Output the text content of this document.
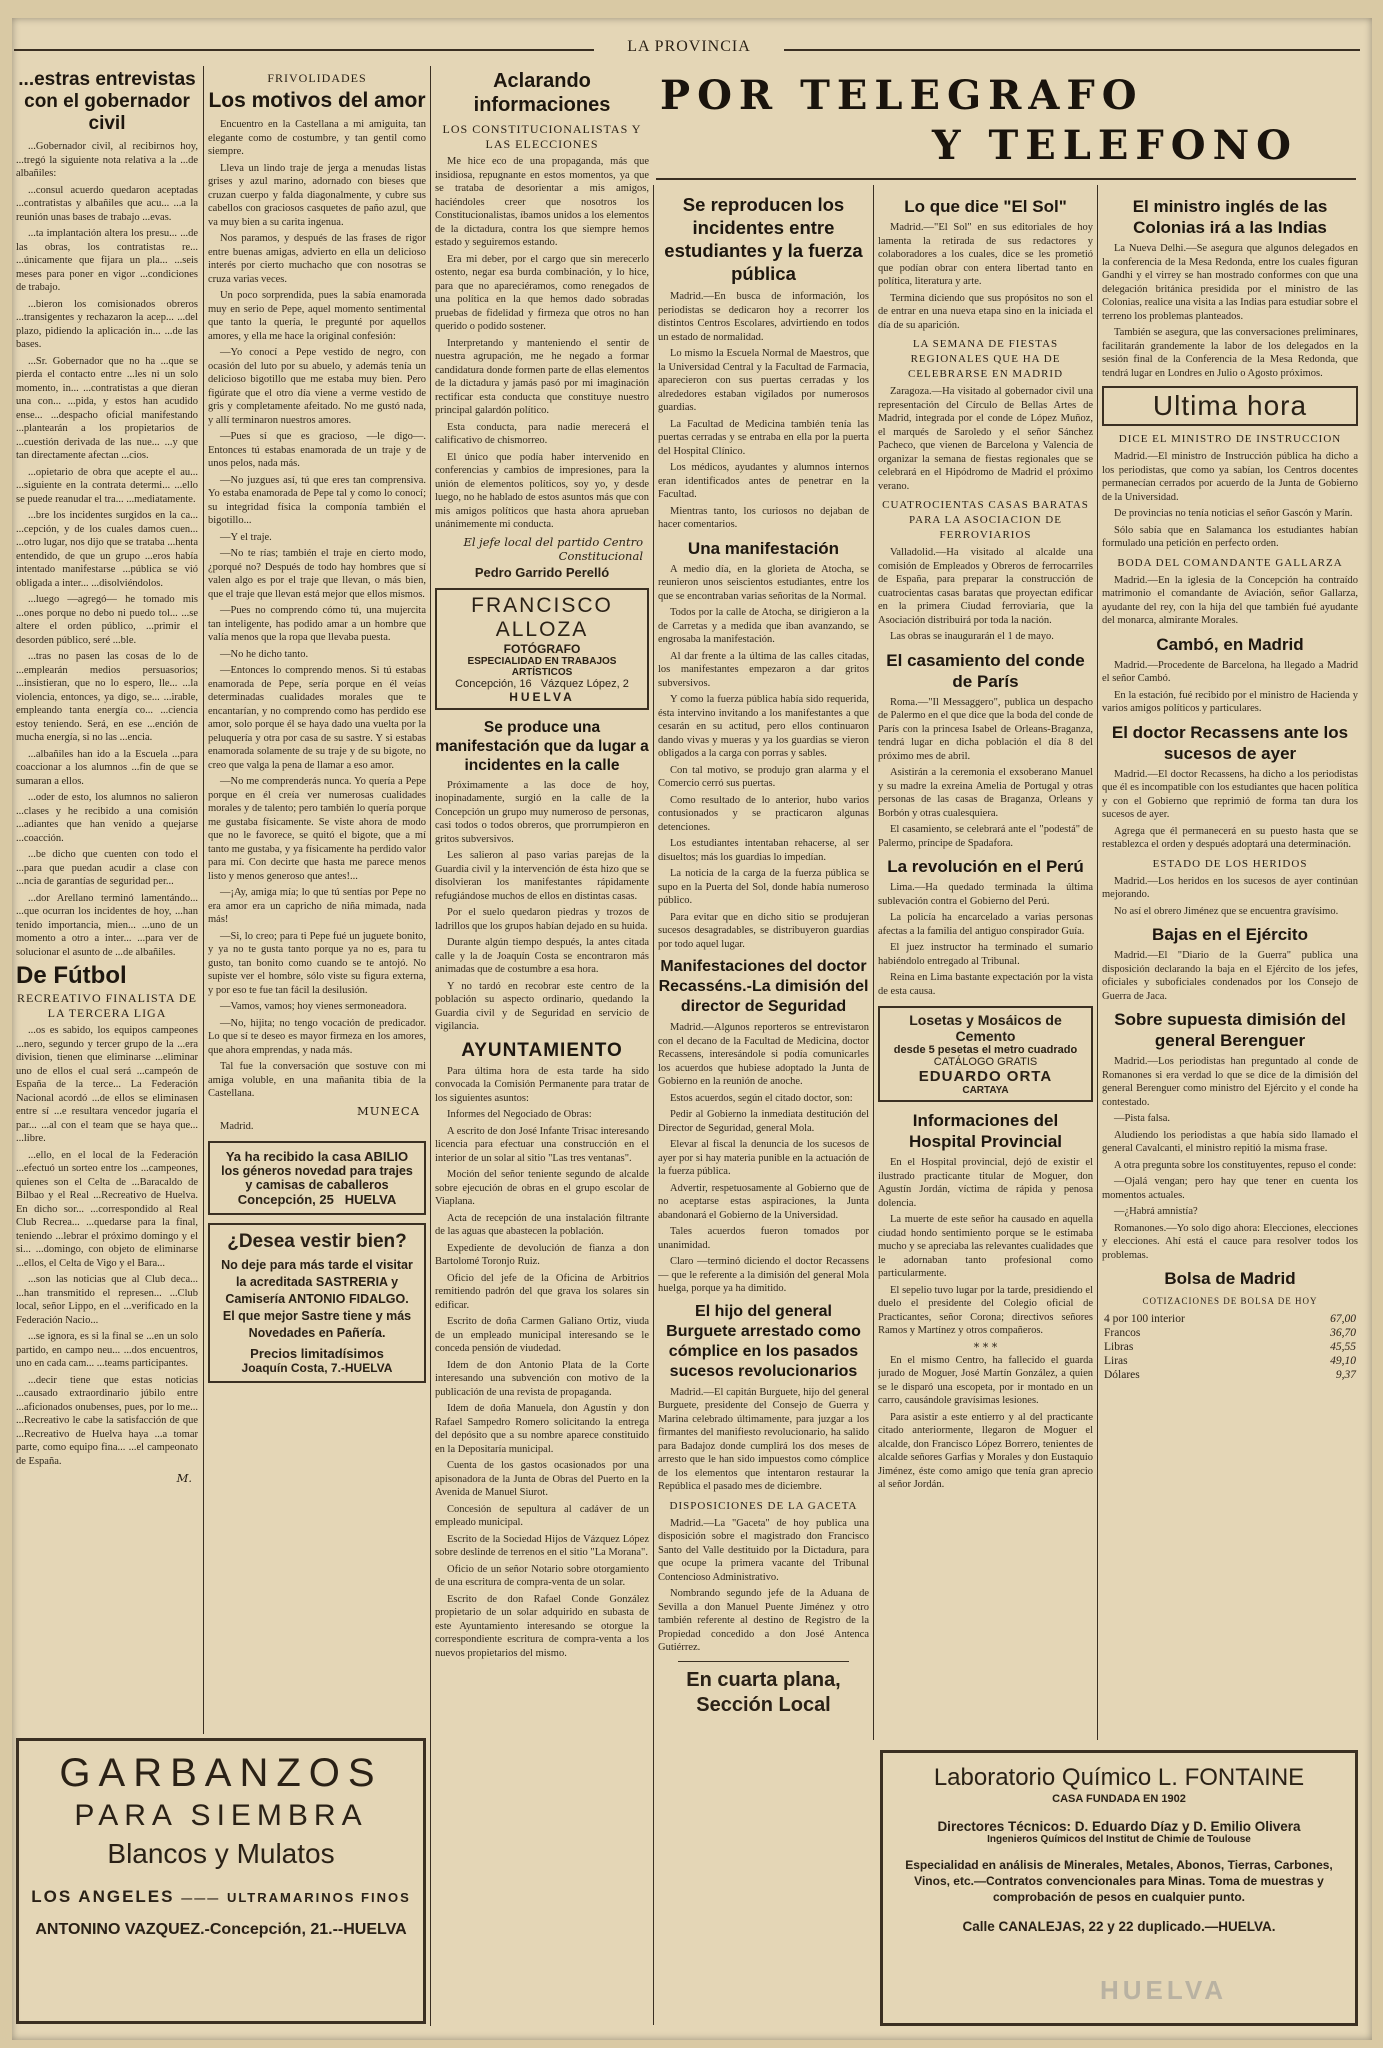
LA PROVINCIA
POR TELEGRAFO
Y TELEFONO
...estras entrevistas con el gobernador civil

...Gobernador civil, al recibirnos hoy, ...tregó la siguiente nota relativa a la ...de albañiles:

...consul acuerdo quedaron aceptadas ...contratistas y albañiles que acu... ...a la reunión unas bases de trabajo ...evas.

...ta implantación altera los presu... ...de las obras, los contratistas re... ...únicamente que fijara un pla... ...seis meses para poner en vigor ...condiciones de trabajo.

...bieron los comisionados obreros ...transigentes y rechazaron la acep... ...del plazo, pidiendo la aplicación in... ...de las bases.

...Sr. Gobernador que no ha ...que se pierda el contacto entre ...les ni un solo momento, in... ...contratistas a que dieran una con... ...pida, y estos han acudido ense... ...despacho oficial manifestando ...plantearán a los propietarios de ...cuestión derivada de las nue... ...y que tan directamente afectan ...cios.

...opietario de obra que acepte el au... ...siguiente en la contrata determi... ...ello se puede reanudar el tra... ...mediatamente.

...bre los incidentes surgidos en la ca... ...cepción, y de los cuales damos cuen... ...otro lugar, nos dijo que se trataba ...henta entendido, de que un grupo ...eros había intentado manifestarse ...pública se vió obligada a inter... ...disolviéndolos.

...luego —agregó— he tomado mis ...ones porque no debo ni puedo tol... ...se altere el orden público, ...primir el desorden público, seré ...ble.

...tras no pasen las cosas de lo de ...emplearán medios persuasorios; ...insistieran, que no lo espero, lle... ...la violencia, entonces, ya digo, se... ...irable, empleando tanta energía co... ...ciencia estoy teniendo. Será, en ese ...ención de mucha energía, si no las ...encia.

...albañiles han ido a la Escuela ...para coaccionar a los alumnos ...fin de que se sumaran a ellos.

...oder de esto, los alumnos no salieron ...clases y he recibido a una comisión ...adiantes que han venido a quejarse ...coacción.

...be dicho que cuenten con todo el ...para que puedan acudir a clase con ...ncia de garantías de seguridad per...

...dor Arellano terminó lamentándo... ...que ocurran los incidentes de hoy, ...han tenido importancia, mien... ...uno de un momento a otro a inter... ...para ver de solucionar el asunto de ...de albañiles.

De Fútbol
RECREATIVO FINALISTA DE LA TERCERA LIGA

...os es sabido, los equipos campeones ...nero, segundo y tercer grupo de la ...era division, tienen que eliminarse ...eliminar uno de ellos el cual será ...campeón de España de la terce... La Federación Nacional acordó ...de ellos se eliminasen entre sí ...e resultara vencedor jugaría el par... ...al con el team que se haya que... ...libre.

...ello, en el local de la Federación ...efectuó un sorteo entre los ...campeones, quienes son el Celta de ...Baracaldo de Bilbao y el Real ...Recreativo de Huelva. En dicho sor... ...correspondido al Real Club Recrea... ...quedarse para la final, teniendo ...lebrar el próximo domingo y el si... ...domingo, con objeto de eliminarse ...ellos, el Celta de Vigo y el Bara...

...son las noticias que al Club deca... ...han transmitido el represen... ...Club local, señor Lippo, en el ...verificado en la Federación Nacio...

...se ignora, es si la final se ...en un solo partido, en campo neu... ...dos encuentros, uno en cada cam... ...teams participantes.

...decir tiene que estas noticias ...causado extraordinario júbilo entre ...aficionados onubenses, pues, por lo me... ...Recreativo le cabe la satisfacción de que ...Recreativo de Huelva haya ...a tomar parte, como equipo fina... ...el campeonato de España.

M.
FRIVOLIDADES
Los motivos del amor

Encuentro en la Castellana a mi amiguita, tan elegante como de costumbre, y tan gentil como siempre.

Lleva un lindo traje de jerga a menudas listas grises y azul marino, adornado con bieses que cruzan cuerpo y falda diagonalmente, y cubre sus cabellos con graciosos casquetes de paño azul, que va muy bien a su carita ingenua.

Nos paramos, y después de las frases de rigor entre buenas amigas, advierto en ella un delicioso interés por cierto muchacho que con nosotras se cruza varias veces.

Un poco sorprendida, pues la sabía enamorada muy en serio de Pepe, aquel momento sentimental que tanto la quería, le pregunté por aquellos amores, y ella me hace la original confesión:

—Yo conocí a Pepe vestido de negro, con ocasión del luto por su abuelo, y además tenía un delicioso bigotillo que me estaba muy bien. Pero figúrate que el otro día viene a verme vestido de gris y completamente afeitado. No me gustó nada, y allí terminaron nuestros amores.

—Pues sí que es gracioso, —le digo—. Entonces tú estabas enamorada de un traje y de unos pelos, nada más.

—No juzgues así, tú que eres tan comprensiva. Yo estaba enamorada de Pepe tal y como lo conocí; su integridad física la componía también el bigotillo...

—Y el traje.

—No te rías; también el traje en cierto modo, ¿porqué no? Después de todo hay hombres que sí valen algo es por el traje que llevan, o más bien, que el traje que llevan está mejor que ellos mismos.

—Pues no comprendo cómo tú, una mujercita tan inteligente, has podido amar a un hombre que valía menos que la ropa que llevaba puesta.

—No he dicho tanto.

—Entonces lo comprendo menos. Si tú estabas enamorada de Pepe, sería porque en él veías determinadas cualidades morales que te encantarían, y no comprendo como has perdido ese amor, solo porque él se haya dado una vuelta por la peluquería y otra por casa de su sastre. Y si estabas enamorada solamente de su traje y de su bigote, no creo que valga la pena de llamar a eso amor.

—No me comprenderás nunca. Yo quería a Pepe porque en él creía ver numerosas cualidades morales y de talento; pero también lo quería porque me gustaba físicamente. Se viste ahora de modo que no le favorece, se quitó el bigote, que a mí tanto me gustaba, y ya físicamente ha perdido valor para mí. Con decirte que hasta me parece menos listo y menos generoso que antes!...

—¡Ay, amiga mía; lo que tú sentías por Pepe no era amor era un capricho de niña mimada, nada más!

—Si, lo creo; para ti Pepe fué un juguete bonito, y ya no te gusta tanto porque ya no es, para tu gusto, tan bonito como cuando se te antojó. No supiste ver el hombre, sólo viste su figura externa, y por eso te fue tan fácil la desilusión.

—Vamos, vamos; hoy vienes sermoneadora.

—No, hijita; no tengo vocación de predicador. Lo que sí te deseo es mayor firmeza en los amores, que ahora emprendas, y nada más.

Tal fue la conversación que sostuve con mi amiga voluble, en una mañanita tibia de la Castellana.

MUNECA

Madrid.

Ya ha recibido la casa ABILIO
los géneros novedad para trajes y camisas de caballeros
Concepción, 25 HUELVA
¿Desea vestir bien?
No deje para más tarde el visitar la acreditada SASTRERIA y Camisería ANTONIO FIDALGO. El que mejor Sastre tiene y más Novedades en Pañería.
Precios limitadísimos
Joaquín Costa, 7.-HUELVA
GARBANZOS
PARA SIEMBRA
Blancos y Mulatos
LOS ANGELES ——— ULTRAMARINOS FINOS
ANTONINO VAZQUEZ.-Concepción, 21.--HUELVA
Aclarando informaciones
LOS CONSTITUCIONALISTAS Y LAS ELECCIONES

Me hice eco de una propaganda, más que insidiosa, repugnante en estos momentos, ya que se trataba de desorientar a mis amigos, haciéndoles creer que nosotros los Constitucionalistas, íbamos unidos a los elementos de la dictadura, contra los que siempre hemos estado y seguiremos estando.

Era mi deber, por el cargo que sin merecerlo ostento, negar esa burda combinación, y lo hice, para que no apareciéramos, como renegados de una política en la que hemos dado sobradas pruebas de fidelidad y firmeza que otros no han querido o podido sostener.

Interpretando y manteniendo el sentir de nuestra agrupación, me he negado a formar candidatura donde formen parte de ellas elementos de la dictadura y jamás pasó por mi imaginación rectificar esta conducta que constituye nuestro principal galardón político.

Esta conducta, para nadie merecerá el calificativo de chismorreo.

El único que podía haber intervenido en conferencias y cambios de impresiones, para la unión de elementos políticos, soy yo, y desde luego, no he hablado de estos asuntos más que con mis amigos políticos que hasta ahora aprueban unánimemente mi conducta.

El jefe local del partido Centro Constitucional
Pedro Garrido Perelló
FRANCISCO ALLOZA
FOTÓGRAFO
ESPECIALIDAD EN TRABAJOS ARTÍSTICOS
Concepción, 16 Vázquez López, 2
HUELVA
Se produce una manifestación que da lugar a incidentes en la calle

Próximamente a las doce de hoy, inopinadamente, surgió en la calle de la Concepción un grupo muy numeroso de personas, casi todos o todos obreros, que prorrumpieron en gritos subversivos.

Les salieron al paso varias parejas de la Guardia civil y la intervención de ésta hizo que se disolvieran los manifestantes rápidamente refugiándose muchos de ellos en distintas casas.

Por el suelo quedaron piedras y trozos de ladrillos que los grupos habían dejado en su huida.

Durante algún tiempo después, la antes citada calle y la de Joaquín Costa se encontraron más animadas que de costumbre a esa hora.

Y no tardó en recobrar este centro de la población su aspecto ordinario, quedando la Guardia civil y de Seguridad en servicio de vigilancia.

AYUNTAMIENTO

Para última hora de esta tarde ha sido convocada la Comisión Permanente para tratar de los siguientes asuntos:

Informes del Negociado de Obras:

A escrito de don José Infante Trisac interesando licencia para efectuar una construcción en el interior de un solar al sitio "Las tres ventanas".

Moción del señor teniente segundo de alcalde sobre ejecución de obras en el grupo escolar de Viaplana.

Acta de recepción de una instalación filtrante de las aguas que abastecen la población.

Expediente de devolución de fianza a don Bartolomé Toronjo Ruiz.

Oficio del jefe de la Oficina de Arbitrios remitiendo padrón del que grava los solares sin edificar.

Escrito de doña Carmen Galiano Ortiz, viuda de un empleado municipal interesando se le conceda pensión de viudedad.

Idem de don Antonio Plata de la Corte interesando una subvención con motivo de la publicación de una revista de propaganda.

Idem de doña Manuela, don Agustín y don Rafael Sampedro Romero solicitando la entrega del depósito que a su nombre aparece constituido en la Depositaría municipal.

Cuenta de los gastos ocasionados por una apisonadora de la Junta de Obras del Puerto en la Avenida de Manuel Siurot.

Concesión de sepultura al cadáver de un empleado municipal.

Escrito de la Sociedad Hijos de Vázquez López sobre deslinde de terrenos en el sitio "La Morana".

Oficio de un señor Notario sobre otorgamiento de una escritura de compra-venta de un solar.

Escrito de don Rafael Conde González propietario de un solar adquirido en subasta de este Ayuntamiento interesando se otorgue la correspondiente escritura de compra-venta a los nuevos propietarios del mismo.

Se reproducen los incidentes entre estudiantes y la fuerza pública

Madrid.—En busca de información, los periodistas se dedicaron hoy a recorrer los distintos Centros Escolares, advirtiendo en todos un estado de normalidad.

Lo mismo la Escuela Normal de Maestros, que la Universidad Central y la Facultad de Farmacia, aparecieron con sus puertas cerradas y los alrededores estaban vigilados por numerosos guardias.

La Facultad de Medicina también tenía las puertas cerradas y se entraba en ella por la puerta del Hospital Clínico.

Los médicos, ayudantes y alumnos internos eran identificados antes de penetrar en la Facultad.

Mientras tanto, los curiosos no dejaban de hacer comentarios.

Una manifestación

A medio día, en la glorieta de Atocha, se reunieron unos seiscientos estudiantes, entre los que se encontraban varias señoritas de la Normal.

Todos por la calle de Atocha, se dirigieron a la de Carretas y a medida que iban avanzando, se engrosaba la manifestación.

Al dar frente a la última de las calles citadas, los manifestantes empezaron a dar gritos subversivos.

Y como la fuerza pública había sido requerida, ésta intervino invitando a los manifestantes a que cesarán en su actitud, pero ellos continuaron dando vivas y mueras y ya los guardias se vieron obligados a la carga con porras y sables.

Con tal motivo, se produjo gran alarma y el Comercio cerró sus puertas.

Como resultado de lo anterior, hubo varios contusionados y se practicaron algunas detenciones.

Los estudiantes intentaban rehacerse, al ser disueltos; más los guardias lo impedían.

La noticia de la carga de la fuerza pública se supo en la Puerta del Sol, donde había numeroso público.

Para evitar que en dicho sitio se produjeran sucesos desagradables, se distribuyeron guardias por todo aquel lugar.

Manifestaciones del doctor Recasséns.-La dimisión del director de Seguridad

Madrid.—Algunos reporteros se entrevistaron con el decano de la Facultad de Medicina, doctor Recassens, interesándole si podía comunicarles los acuerdos que hubiese adoptado la Junta de Gobierno en la reunión de anoche.

Estos acuerdos, según el citado doctor, son:

Pedir al Gobierno la inmediata destitución del Director de Seguridad, general Mola.

Elevar al fiscal la denuncia de los sucesos de ayer por si hay materia punible en la actuación de la fuerza pública.

Advertir, respetuosamente al Gobierno que de no aceptarse estas aspiraciones, la Junta abandonará el Gobierno de la Universidad.

Tales acuerdos fueron tomados por unanimidad.

Claro —terminó diciendo el doctor Recassens— que le referente a la dimisión del general Mola huelga, porque ya ha dimitido.

El hijo del general Burguete arrestado como cómplice en los pasados sucesos revolucionarios

Madrid.—El capitán Burguete, hijo del general Burguete, presidente del Consejo de Guerra y Marina celebrado últimamente, para juzgar a los firmantes del manifiesto revolucionario, ha salido para Badajoz donde cumplirá los dos meses de arresto que le han sido impuestos como cómplice de los elementos que intentaron restaurar la República el pasado mes de diciembre.

DISPOSICIONES DE LA GACETA

Madrid.—La "Gaceta" de hoy publica una disposición sobre el magistrado don Francisco Santo del Valle destituido por la Dictadura, para que ocupe la primera vacante del Tribunal Contencioso Administrativo.

Nombrando segundo jefe de la Aduana de Sevilla a don Manuel Puente Jiménez y otro también referente al destino de Registro de la Propiedad concedido a don José Antenca Gutiérrez.

En cuarta plana, Sección Local
Lo que dice "El Sol"

Madrid.—"El Sol" en sus editoriales de hoy lamenta la retirada de sus redactores y colaboradores a los cuales, dice se les prometió que podían obrar con entera libertad tanto en política, literatura y arte.

Termina diciendo que sus propósitos no son el de entrar en una nueva etapa sino en la iniciada el día de su aparición.

LA SEMANA DE FIESTAS REGIONALES QUE HA DE CELEBRARSE EN MADRID

Zaragoza.—Ha visitado al gobernador civil una representación del Círculo de Bellas Artes de Madrid, integrada por el conde de López Muñoz, el marqués de Saroledo y el señor Sánchez Pacheco, que vienen de Barcelona y Valencia de organizar la semana de fiestas regionales que se celebrará en el Hipódromo de Madrid el próximo verano.

CUATROCIENTAS CASAS BARATAS PARA LA ASOCIACION DE FERROVIARIOS

Valladolid.—Ha visitado al alcalde una comisión de Empleados y Obreros de ferrocarriles de España, para preparar la construcción de cuatrocientas casas baratas que proyectan edificar en la primera Ciudad ferroviaria, que la Asociación distribuirá por toda la nación.

Las obras se inaugurarán el 1 de mayo.

El casamiento del conde de París

Roma.—"Il Messaggero", publica un despacho de Palermo en el que dice que la boda del conde de París con la princesa Isabel de Orleans-Braganza, tendrá lugar en dicha población el día 8 del próximo mes de abril.

Asistirán a la ceremonia el exsoberano Manuel y su madre la exreina Amelia de Portugal y otras personas de las casas de Braganza, Orleans y Borbón y otras cualesquiera.

El casamiento, se celebrará ante el "podestá" de Palermo, príncipe de Spadafora.

La revolución en el Perú

Lima.—Ha quedado terminada la última sublevación contra el Gobierno del Perú.

La policía ha encarcelado a varias personas afectas a la familia del antiguo conspirador Guía.

El juez instructor ha terminado el sumario habiéndolo entregado al Tribunal.

Reina en Lima bastante expectación por la vista de esta causa.

Losetas y Mosáicos de Cemento
desde 5 pesetas el metro cuadrado
CATÁLOGO GRATIS
EDUARDO ORTA
CARTAYA
Informaciones del Hospital Provincial

En el Hospital provincial, dejó de existir el ilustrado practicante titular de Moguer, don Agustín Jordán, víctima de rápida y penosa dolencia.

La muerte de este señor ha causado en aquella ciudad hondo sentimiento porque se le estimaba mucho y se apreciaba las relevantes cualidades que le adornaban tanto profesional como particularmente.

El sepelio tuvo lugar por la tarde, presidiendo el duelo el presidente del Colegio oficial de Practicantes, señor Corona; directivos señores Ramos y Martínez y otros compañeros.

* * *

En el mismo Centro, ha fallecido el guarda jurado de Moguer, José Martín González, a quien se le disparó una escopeta, por ir montado en un carro, causándole gravísimas lesiones.

Para asistir a este entierro y al del practicante citado anteriormente, llegaron de Moguer el alcalde, don Francisco López Borrero, tenientes de alcalde señores Garfias y Morales y don Eustaquio Jiménez, éste como amigo que tenía gran aprecio al señor Jordán.

El ministro inglés de las Colonias irá a las Indias

La Nueva Delhi.—Se asegura que algunos delegados en la conferencia de la Mesa Redonda, entre los cuales figuran Gandhi y el virrey se han mostrado conformes con que una delegación británica presidida por el ministro de las Colonias, realice una visita a las Indias para estudiar sobre el terreno los problemas planteados.

También se asegura, que las conversaciones preliminares, facilitarán grandemente la labor de los delegados en la sesión final de la Conferencia de la Mesa Redonda, que tendrá lugar en Londres en Julio o Agosto próximos.

Ultima hora
DICE EL MINISTRO DE INSTRUCCION

Madrid.—El ministro de Instrucción pública ha dicho a los periodistas, que como ya sabían, los Centros docentes permanecían cerrados por acuerdo de la Junta de Gobierno de la Universidad.

De provincias no tenía noticias el señor Gascón y Marín.

Sólo sabía que en Salamanca los estudiantes habían formulado una petición en perfecto orden.

BODA DEL COMANDANTE GALLARZA

Madrid.—En la iglesia de la Concepción ha contraído matrimonio el comandante de Aviación, señor Gallarza, ayudante del rey, con la hija del que también fué ayudante del monarca, almirante Morales.

Cambó, en Madrid

Madrid.—Procedente de Barcelona, ha llegado a Madrid el señor Cambó.

En la estación, fué recibido por el ministro de Hacienda y varios amigos políticos y particulares.

El doctor Recassens ante los sucesos de ayer

Madrid.—El doctor Recassens, ha dicho a los periodistas que él es incompatible con los estudiantes que hacen política y con el Gobierno que reprimió de forma tan dura los sucesos de ayer.

Agrega que él permanecerá en su puesto hasta que se restablezca el orden y después adoptará una determinación.

ESTADO DE LOS HERIDOS

Madrid.—Los heridos en los sucesos de ayer continúan mejorando.

No así el obrero Jiménez que se encuentra gravísimo.

Bajas en el Ejército

Madrid.—El "Diario de la Guerra" publica una disposición declarando la baja en el Ejército de los jefes, oficiales y suboficiales condenados por los Consejo de Guerra de Jaca.

Sobre supuesta dimisión del general Berenguer

Madrid.—Los periodistas han preguntado al conde de Romanones si era verdad lo que se dice de la dimisión del general Berenguer como ministro del Ejército y el conde ha contestado.

—Pista falsa.

Aludiendo los periodistas a que había sido llamado el general Cavalcanti, el ministro repitió la misma frase.

A otra pregunta sobre los constituyentes, repuso el conde:

—Ojalá vengan; pero hay que tener en cuenta los momentos actuales.

—¿Habrá amnistía?

Romanones.—Yo solo digo ahora: Elecciones, elecciones y elecciones. Ahí está el cauce para resolver todos los problemas.

Bolsa de Madrid
COTIZACIONES DE BOLSA DE HOY
4 por 100 interior	67,00
Francos	36,70
Libras	45,55
Liras	49,10
Dólares	9,37
Laboratorio Químico L. FONTAINE
CASA FUNDADA EN 1902
Directores Técnicos: D. Eduardo Díaz y D. Emilio Olivera
Ingenieros Químicos del Institut de Chimie de Toulouse
Especialidad en análisis de Minerales, Metales, Abonos, Tierras, Carbones, Vinos, etc.—Contratos convencionales para Minas. Toma de muestras y comprobación de pesos en cualquier punto.
Calle CANALEJAS, 22 y 22 duplicado.—HUELVA.
HUELVA
